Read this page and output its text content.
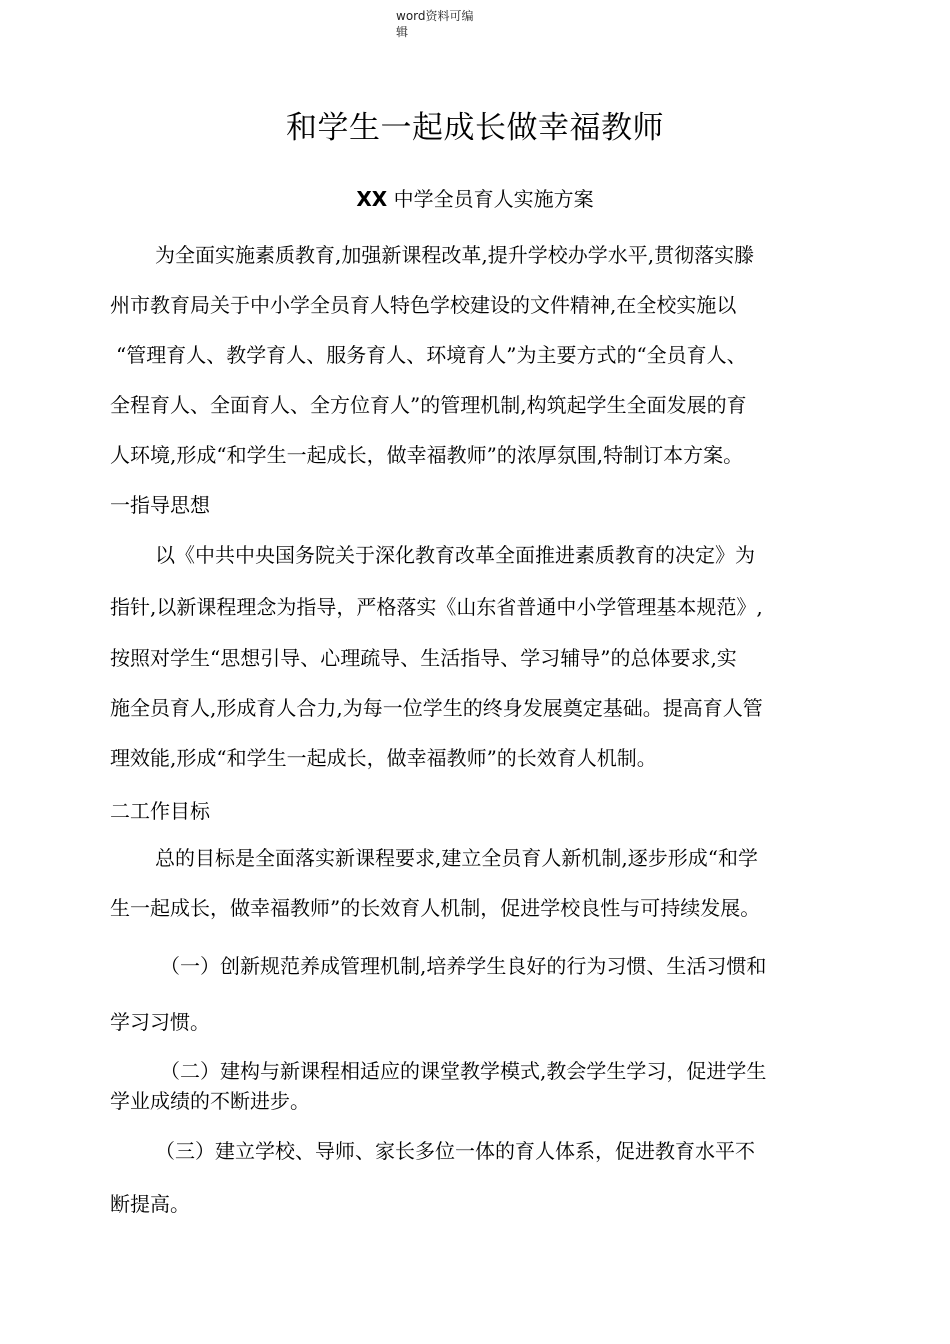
word资料可编
辑
和学生一起成长做幸福教师
XX 中学全员育人实施方案
为全面实施素质教育,加强新课程改革,提升学校办学水平,贯彻落实滕
州市教育局关于中小学全员育人特色学校建设的文件精神,在全校实施以
“管理育人、教学育人、服务育人、环境育人”为主要方式的“全员育人、
全程育人、全面育人、全方位育人”的管理机制,构筑起学生全面发展的育
人环境,形成“和学生一起成长，做幸福教师”的浓厚氛围,特制订本方案。
一指导思想
以《中共中央国务院关于深化教育改革全面推进素质教育的决定》为
指针,以新课程理念为指导，严格落实《山东省普通中小学管理基本规范》,
按照对学生“思想引导、心理疏导、生活指导、学习辅导”的总体要求,实
施全员育人,形成育人合力,为每一位学生的终身发展奠定基础。提高育人管
理效能,形成“和学生一起成长，做幸福教师”的长效育人机制。
二工作目标
总的目标是全面落实新课程要求,建立全员育人新机制,逐步形成“和学
生一起成长，做幸福教师”的长效育人机制，促进学校良性与可持续发展。
（一）创新规范养成管理机制,培养学生良好的行为习惯、生活习惯和
学习习惯。
（二）建构与新课程相适应的课堂教学模式,教会学生学习，促进学生
学业成绩的不断进步。
（三）建立学校、导师、家长多位一体的育人体系，促进教育水平不
断提高。
